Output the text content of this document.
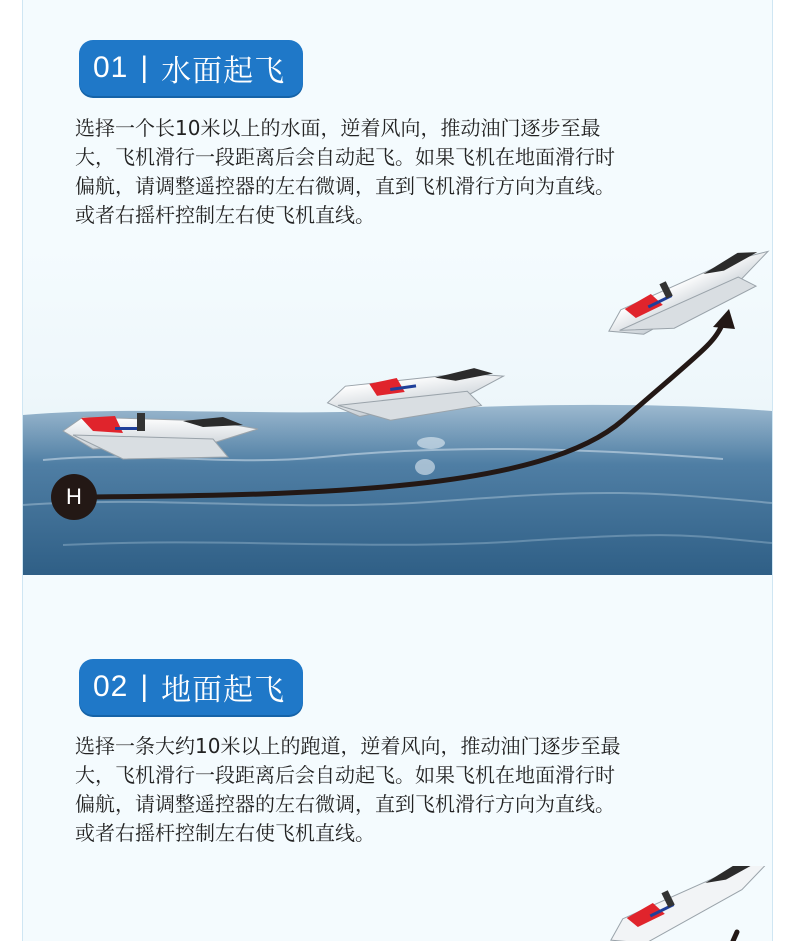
01 | 水面起飞
选择一个长10米以上的水面，逆着风向，推动油门逐步至最
大，飞机滑行一段距离后会自动起飞。如果飞机在地面滑行时
偏航，请调整遥控器的左右微调，直到飞机滑行方向为直线。
或者右摇杆控制左右使飞机直线。
H
02 | 地面起飞
选择一条大约10米以上的跑道，逆着风向，推动油门逐步至最
大，飞机滑行一段距离后会自动起飞。如果飞机在地面滑行时
偏航，请调整遥控器的左右微调，直到飞机滑行方向为直线。
或者右摇杆控制左右使飞机直线。
